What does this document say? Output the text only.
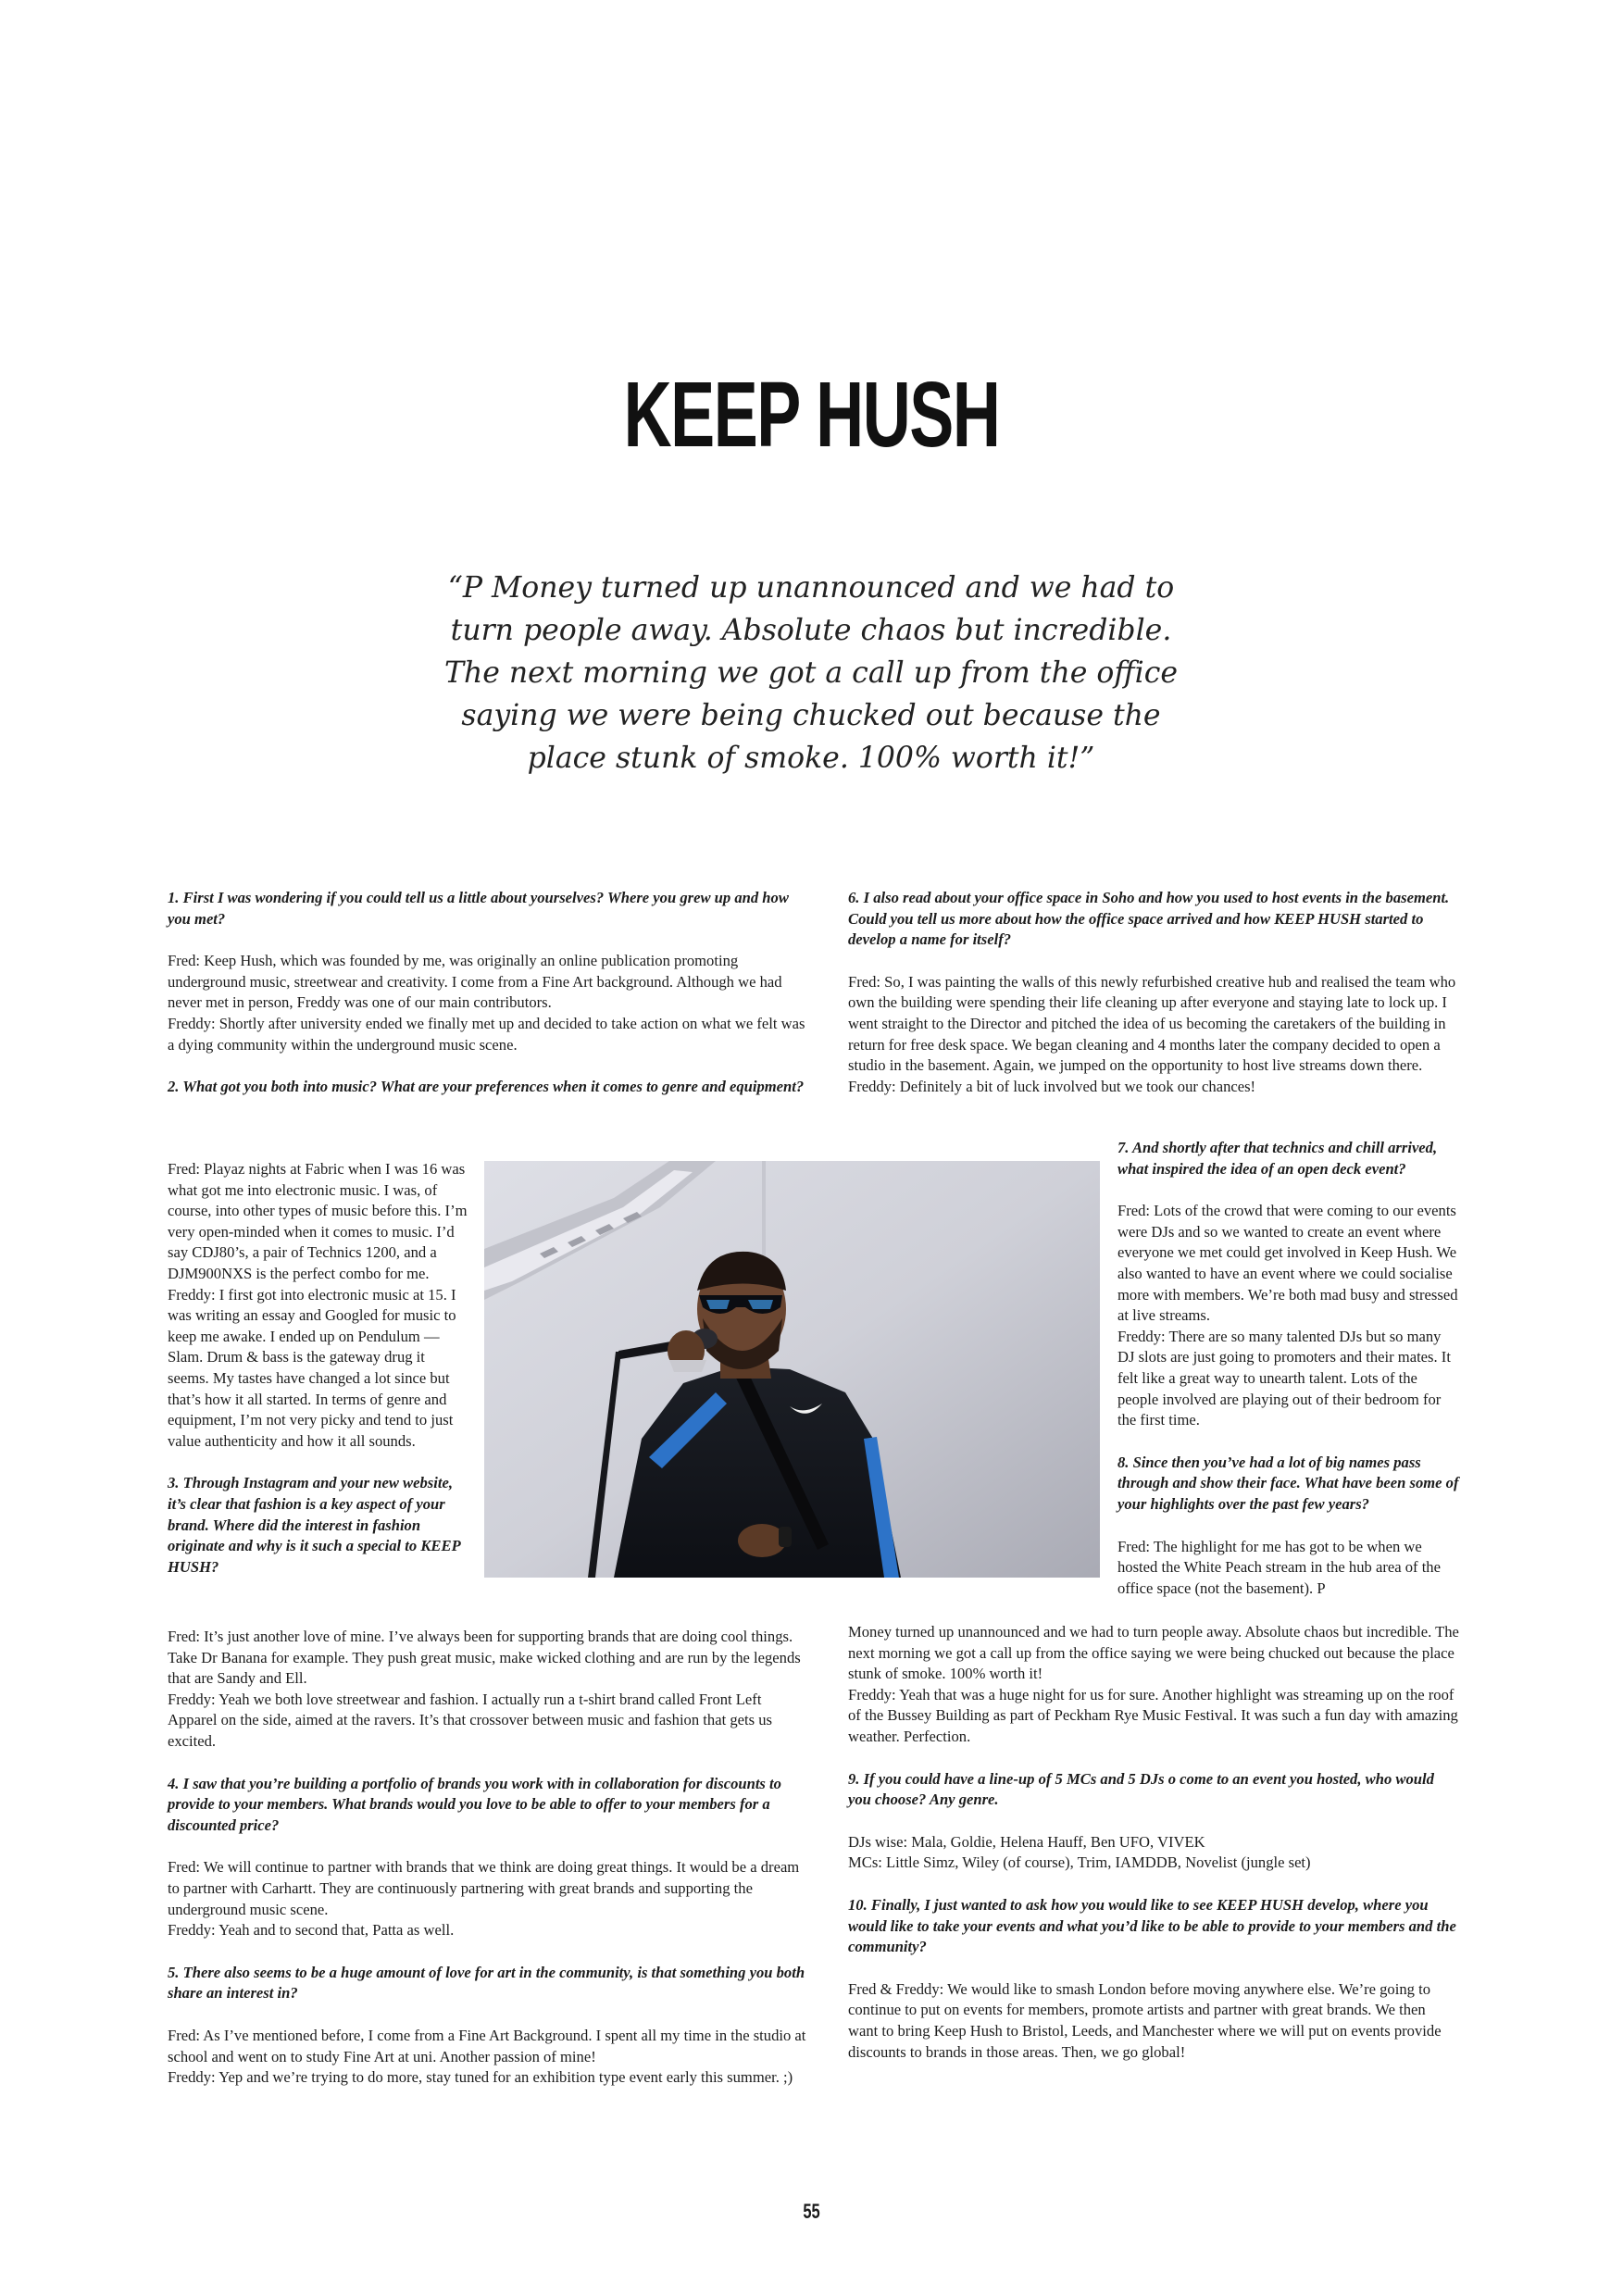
KEEP HUSH
“P Money turned up unannounced and we had to turn people away. Absolute chaos but incredible. The next morning we got a call up from the office saying we were being chucked out because the place stunk of smoke. 100% worth it!”

1. First I was wondering if you could tell us a little about yourselves? Where you grew up and how you met?

Fred: Keep Hush, which was founded by me, was originally an online publication promoting underground music, streetwear and creativity. I come from a Fine Art background. Although we had never met in person, Freddy was one of our main contributors.

Freddy: Shortly after university ended we finally met up and decided to take action on what we felt was a dying community within the underground music scene.

2. What got you both into music? What are your preferences when it comes to genre and equipment?

Fred: Playaz nights at Fabric when I was 16 was what got me into electronic music. I was, of course, into other types of music before this. I’m very open-minded when it comes to music. I’d say CDJ80’s, a pair of Technics 1200, and a DJM900NXS is the perfect combo for me.

Freddy: I first got into electronic music at 15. I was writing an essay and Googled for music to keep me awake. I ended up on Pendulum — Slam. Drum & bass is the gateway drug it seems. My tastes have changed a lot since but that’s how it all started. In terms of genre and equipment, I’m not very picky and tend to just value authenticity and how it all sounds.

3. Through Instagram and your new website, it’s clear that fashion is a key aspect of your brand. Where did the interest in fashion originate and why is it such a special to KEEP HUSH?

Fred: It’s just another love of mine. I’ve always been for supporting brands that are doing cool things. Take Dr Banana for example. They push great music, make wicked clothing and are run by the legends that are Sandy and Ell.

Freddy: Yeah we both love streetwear and fashion. I actually run a t-shirt brand called Front Left Apparel on the side, aimed at the ravers. It’s that crossover between music and fashion that gets us excited.

4. I saw that you’re building a portfolio of brands you work with in collaboration for discounts to provide to your members. What brands would you love to be able to offer to your members for a discounted price?

Fred: We will continue to partner with brands that we think are doing great things. It would be a dream to partner with Carhartt. They are continuously partnering with great brands and supporting the underground music scene.

Freddy: Yeah and to second that, Patta as well.

5. There also seems to be a huge amount of love for art in the community, is that something you both share an interest in?

Fred: As I’ve mentioned before, I come from a Fine Art Background. I spent all my time in the studio at school and went on to study Fine Art at uni. Another passion of mine!

Freddy: Yep and we’re trying to do more, stay tuned for an exhibition type event early this summer. ;)

6. I also read about your office space in Soho and how you used to host events in the basement. Could you tell us more about how the office space arrived and how KEEP HUSH started to develop a name for itself?

Fred: So, I was painting the walls of this newly refurbished creative hub and realised the team who own the building were spending their life cleaning up after everyone and staying late to lock up. I went straight to the Director and pitched the idea of us becoming the caretakers of the building in return for free desk space. We began cleaning and 4 months later the company decided to open a studio in the basement. Again, we jumped on the opportunity to host live streams down there.

Freddy: Definitely a bit of luck involved but we took our chances!

7. And shortly after that technics and chill arrived, what inspired the idea of an open deck event?

Fred: Lots of the crowd that were coming to our events were DJs and so we wanted to create an event where everyone we met could get involved in Keep Hush. We also wanted to have an event where we could socialise more with members. We’re both mad busy and stressed at live streams.

Freddy: There are so many talented DJs but so many DJ slots are just going to promoters and their mates. It felt like a great way to unearth talent. Lots of the people involved are playing out of their bedroom for the first time.

8. Since then you’ve had a lot of big names pass through and show their face. What have been some of your highlights over the past few years?

Fred: The highlight for me has got to be when we hosted the White Peach stream in the hub area of the office space (not the basement). P

Money turned up unannounced and we had to turn people away. Absolute chaos but incredible. The next morning we got a call up from the office saying we were being chucked out because the place stunk of smoke. 100% worth it!

Freddy: Yeah that was a huge night for us for sure. Another highlight was streaming up on the roof of the Bussey Building as part of Peckham Rye Music Festival. It was such a fun day with amazing weather. Perfection.

9. If you could have a line-up of 5 MCs and 5 DJs o come to an event you hosted, who would you choose? Any genre.

DJs wise: Mala, Goldie, Helena Hauff, Ben UFO, VIVEK

MCs: Little Simz, Wiley (of course), Trim, IAMDDB, Novelist (jungle set)

10. Finally, I just wanted to ask how you would like to see KEEP HUSH develop, where you would like to take your events and what you’d like to be able to provide to your members and the community?

Fred & Freddy: We would like to smash London before moving anywhere else. We’re going to continue to put on events for members, promote artists and partner with great brands. We then want to bring Keep Hush to Bristol, Leeds, and Manchester where we will put on events provide discounts to brands in those areas. Then, we go global!

55
